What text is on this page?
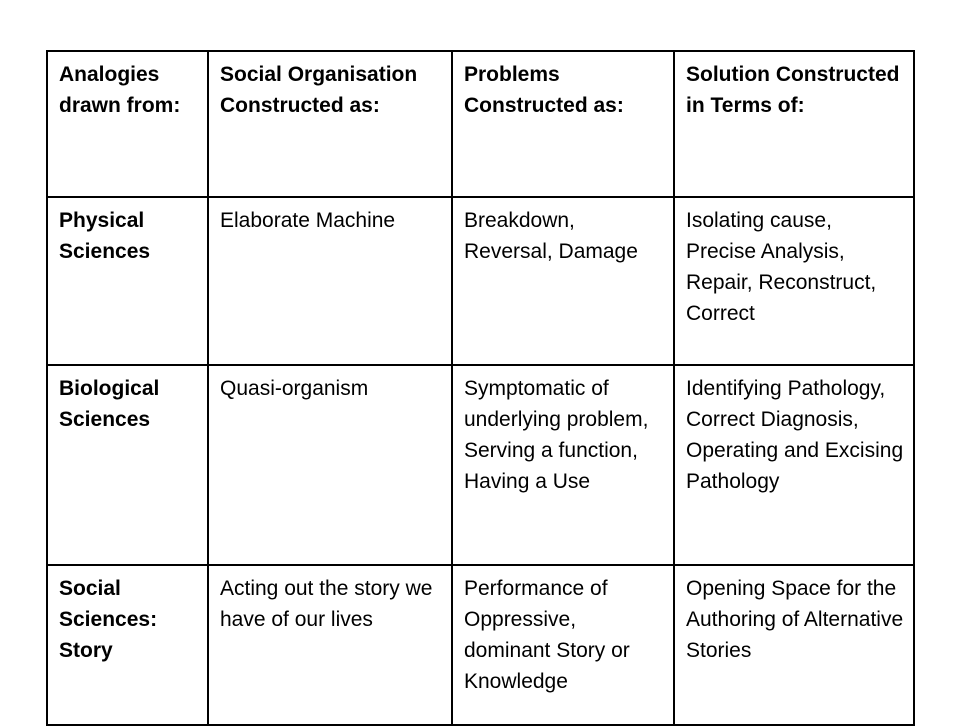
Analogies drawn from:	Social Organisation Constructed as:	Problems Constructed as:	Solution Constructed in Terms of:
Physical Sciences	Elaborate Machine	Breakdown, Reversal, Damage	Isolating cause, Precise Analysis, Repair, Reconstruct, Correct
Biological Sciences	Quasi-organism	Symptomatic of underlying problem, Serving a function, Having a Use	Identifying Pathology, Correct Diagnosis, Operating and Excising Pathology
Social Sciences: Story	Acting out the story we have of our lives	Performance of Oppressive, dominant Story or Knowledge	Opening Space for the Authoring of Alternative Stories
